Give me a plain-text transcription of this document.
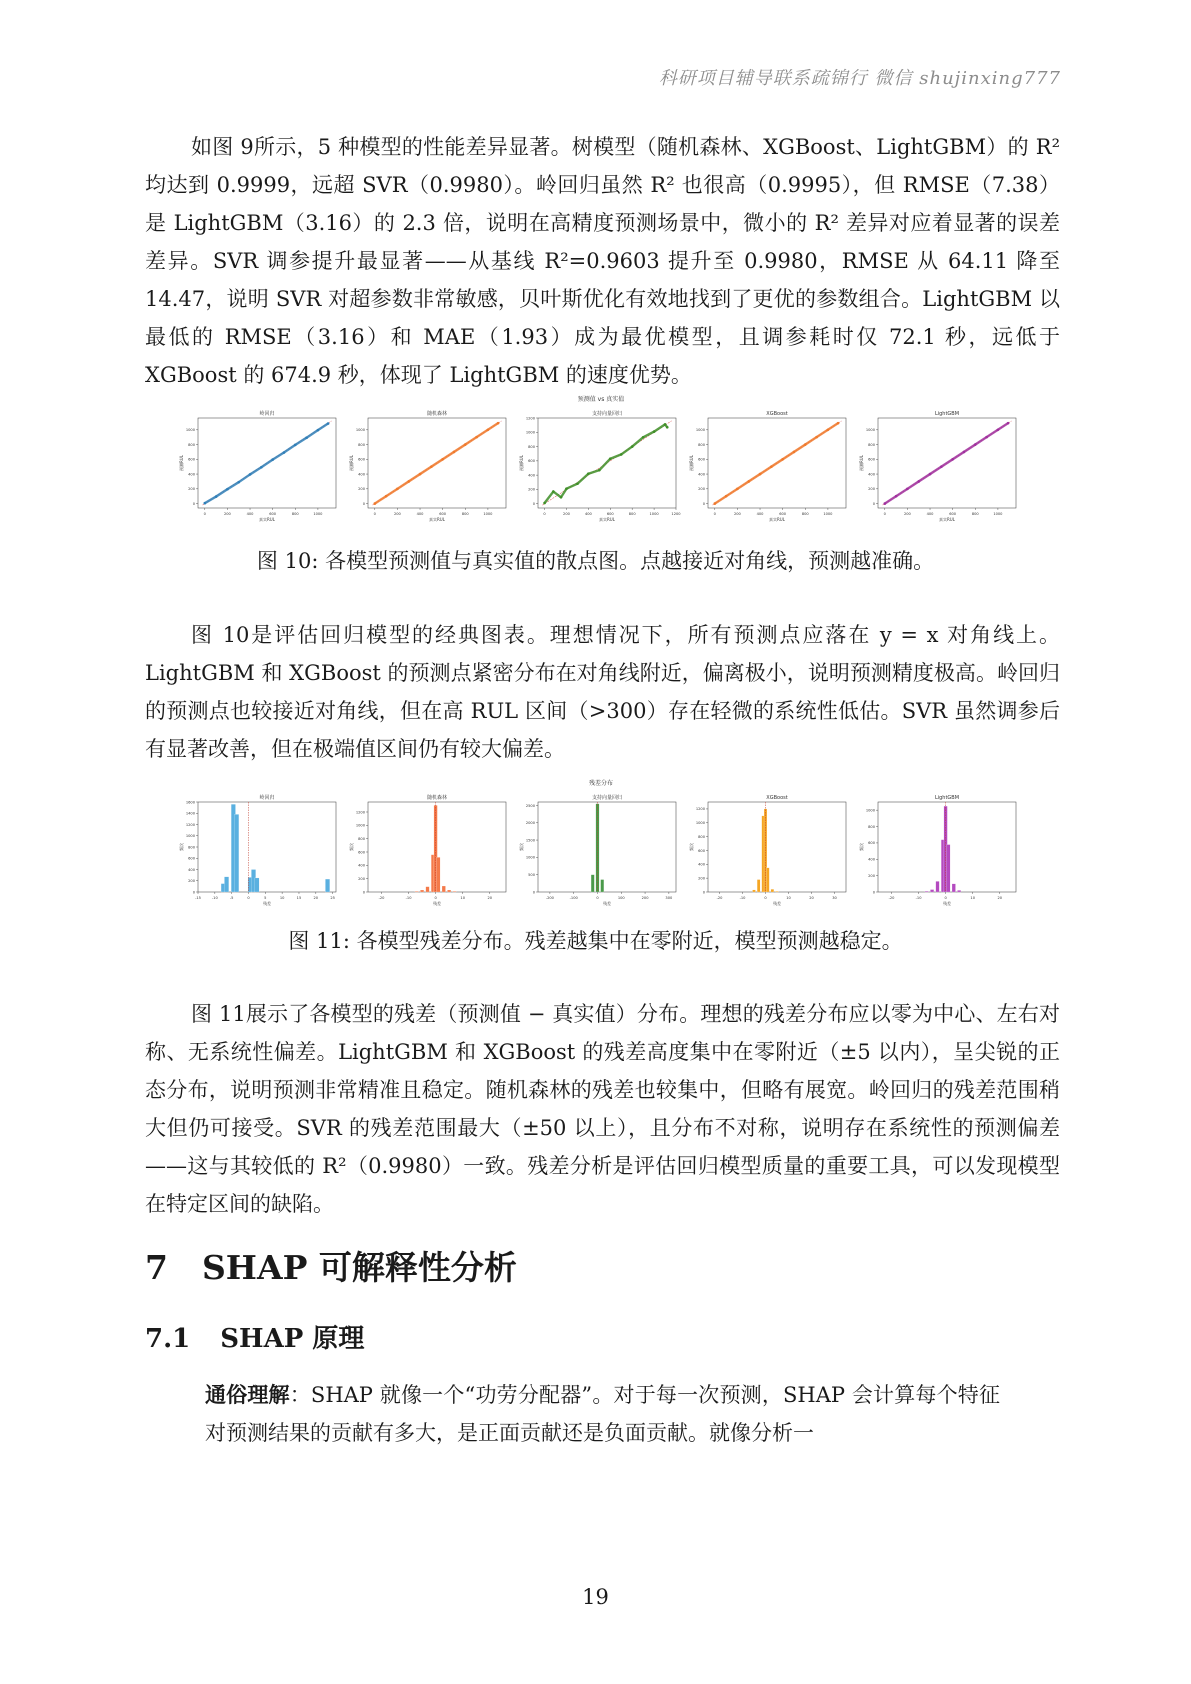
科研项目辅导联系疏锦行 微信 shujinxing777

如图 9所示，5 种模型的性能差异显著。树模型（随机森林、XGBoost、LightGBM）的 R² 均达到 0.9999，远超 SVR（0.9980）。岭回归虽然 R² 也很高（0.9995），但 RMSE（7.38）是 LightGBM（3.16）的 2.3 倍，说明在高精度预测场景中，微小的 R² 差异对应着显著的误差差异。SVR 调参提升最显著——从基线 R²=0.9603 提升至 0.9980，RMSE 从 64.11 降至 14.47，说明 SVR 对超参数非常敏感，贝叶斯优化有效地找到了更优的参数组合。LightGBM 以最低的 RMSE（3.16）和 MAE（1.93）成为最优模型，且调参耗时仅 72.1 秒，远低于 XGBoost 的 674.9 秒，体现了 LightGBM 的速度优势。

预测值 vs 真实值
岭回归
0	200	400	600	800	1000
0
200
400
600
800
1000
真实RUL
预测RUL
随机森林
0	200	400	600	800	1000
0
200
400
600
800
1000
真实RUL
预测RUL
支持向量回归
0	200	400	600	800	1000	1200
0
200
400
600
800
1000
1200
真实RUL
预测RUL
XGBoost
0	200	400	600	800	1000
0
200
400
600
800
1000
真实RUL
预测RUL
LightGBM
0	200	400	600	800	1000
0
200
400
600
800
1000
真实RUL
预测RUL

图 10: 各模型预测值与真实值的散点图。点越接近对角线，预测越准确。

图 10是评估回归模型的经典图表。理想情况下，所有预测点应落在 y = x 对角线上。LightGBM 和 XGBoost 的预测点紧密分布在对角线附近，偏离极小，说明预测精度极高。岭回归的预测点也较接近对角线，但在高 RUL 区间（>300）存在轻微的系统性低估。SVR 虽然调参后有显著改善，但在极端值区间仍有较大偏差。

残差分布
岭回归
-15	-10	-5	0	5	10	15	20	25
0
200
400
600
800
1000
1200
1400
1600
残差
频次
随机森林
-20	-10	0	10	20
0
200
400
600
800
1000
1200
残差
频次
支持向量回归
-200	-100	0	100	200	300
0
500
1000
1500
2000
2500
残差
频次
XGBoost
-20	-10	0	10	20	30
0
200
400
600
800
1000
1200
残差
频次
LightGBM
-20	-10	0	10	20
0
200
400
600
800
1000
残差
频次

图 11: 各模型残差分布。残差越集中在零附近，模型预测越稳定。

图 11展示了各模型的残差（预测值 − 真实值）分布。理想的残差分布应以零为中心、左右对称、无系统性偏差。LightGBM 和 XGBoost 的残差高度集中在零附近（±5 以内），呈尖锐的正态分布，说明预测非常精准且稳定。随机森林的残差也较集中，但略有展宽。岭回归的残差范围稍大但仍可接受。SVR 的残差范围最大（±50 以上），且分布不对称，说明存在系统性的预测偏差——这与其较低的 R²（0.9980）一致。残差分析是评估回归模型质量的重要工具，可以发现模型在特定区间的缺陷。

7 SHAP 可解释性分析
7.1 SHAP 原理

通俗理解：SHAP 就像一个“功劳分配器”。对于每一次预测，SHAP 会计算每个特征对预测结果的贡献有多大，是正面贡献还是负面贡献。就像分析一

19
